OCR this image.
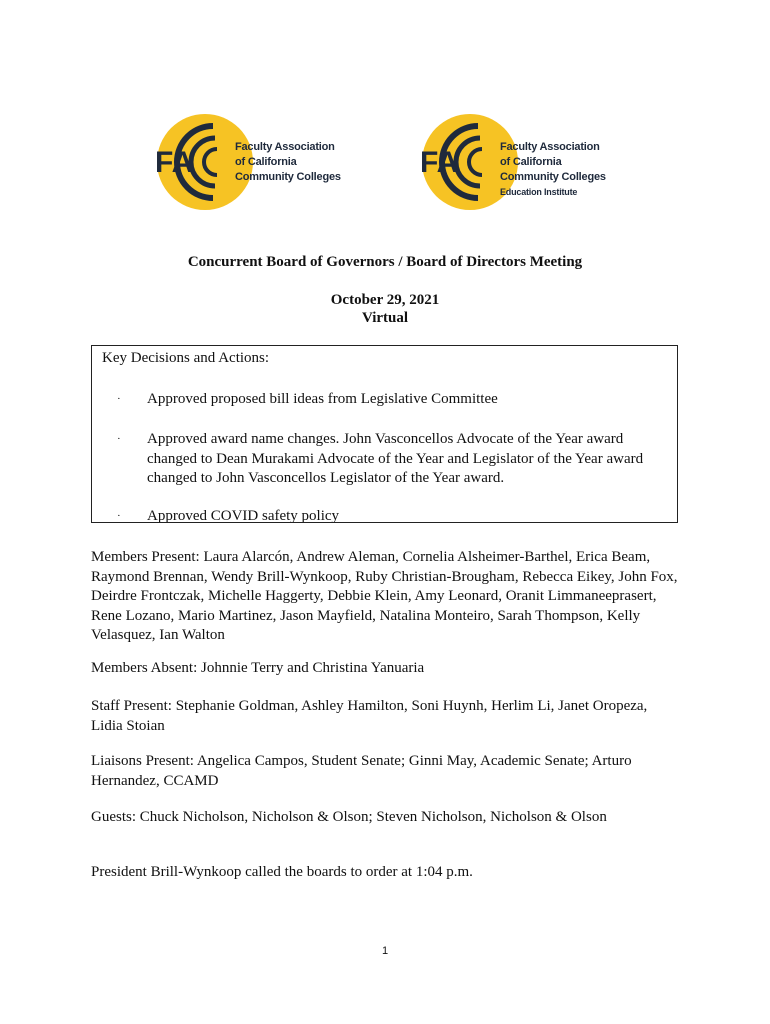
FA	Faculty Association
of California
Community Colleges	FA	Faculty Association
of California
Community Colleges
Education Institute
Concurrent Board of Governors / Board of Directors Meeting
October 29, 2021
Virtual
Key Decisions and Actions:
· Approved proposed bill ideas from Legislative Committee
· Approved award name changes. John Vasconcellos Advocate of the Year award changed to Dean Murakami Advocate of the Year and Legislator of the Year award changed to John Vasconcellos Legislator of the Year award.
· Approved COVID safety policy
Members Present: Laura Alarcón, Andrew Aleman, Cornelia Alsheimer-Barthel, Erica Beam, Raymond Brennan, Wendy Brill-Wynkoop, Ruby Christian-Brougham, Rebecca Eikey, John Fox, Deirdre Frontczak, Michelle Haggerty, Debbie Klein, Amy Leonard, Oranit Limmaneeprasert, Rene Lozano, Mario Martinez, Jason Mayfield, Natalina Monteiro, Sarah Thompson, Kelly Velasquez, Ian Walton
Members Absent: Johnnie Terry and Christina Yanuaria
Staff Present: Stephanie Goldman, Ashley Hamilton, Soni Huynh, Herlim Li, Janet Oropeza, Lidia Stoian
Liaisons Present: Angelica Campos, Student Senate; Ginni May, Academic Senate; Arturo Hernandez, CCAMD
Guests: Chuck Nicholson, Nicholson & Olson; Steven Nicholson, Nicholson & Olson
President Brill-Wynkoop called the boards to order at 1:04 p.m.
1
